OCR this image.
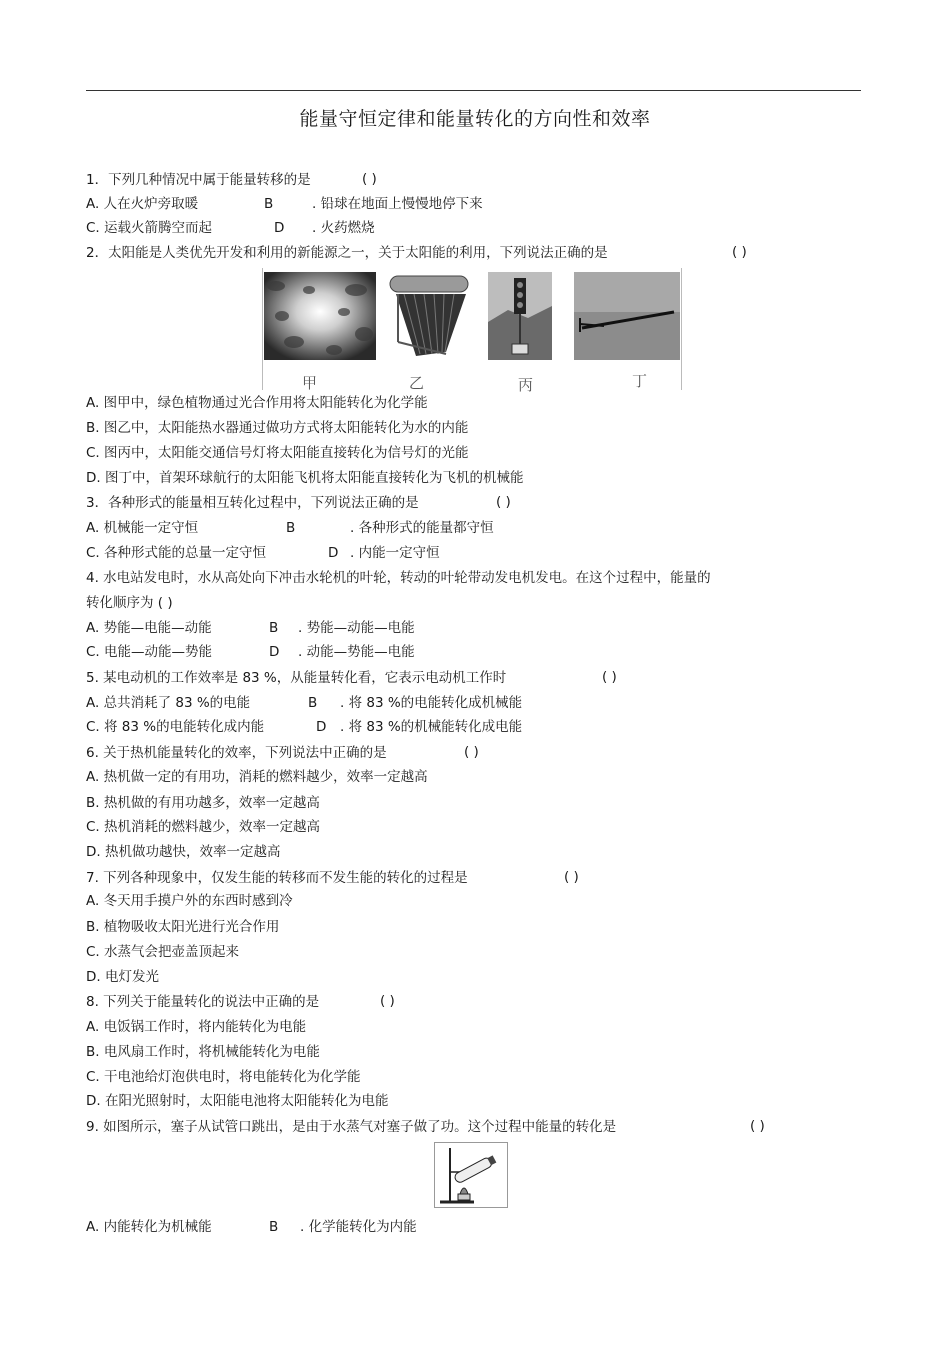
能量守恒定律和能量转化的方向性和效率
1．下列几种情况中属于能量转移的是	( )
A. 人在火炉旁取暖	B	. 铅球在地面上慢慢地停下来
C. 运载火箭腾空而起	D . 火药燃烧
2．太阳能是人类优先开发和利用的新能源之一，关于太阳能的利用，下列说法正确的是	( )
甲	乙	丙	丁
A. 图甲中，绿色植物通过光合作用将太阳能转化为化学能
B. 图乙中，太阳能热水器通过做功方式将太阳能转化为水的内能
C. 图丙中，太阳能交通信号灯将太阳能直接转化为信号灯的光能
D. 图丁中，首架环球航行的太阳能飞机将太阳能直接转化为飞机的机械能
3．各种形式的能量相互转化过程中，下列说法正确的是	( )
A. 机械能一定守恒	B	. 各种形式的能量都守恒
C. 各种形式能的总量一定守恒	D . 内能一定守恒
4. 水电站发电时，水从高处向下冲击水轮机的叶轮，转动的叶轮带动发电机发电。在这个过程中，能量的
转化顺序为 ( )
A. 势能—电能—动能	B . 势能—动能—电能
C. 电能—动能—势能	D . 动能—势能—电能
5. 某电动机的工作效率是 83 %，从能量转化看，它表示电动机工作时	( )
A. 总共消耗了 83 %的电能	B . 将 83 %的电能转化成机械能
C. 将 83 %的电能转化成内能	D . 将 83 %的机械能转化成电能
6. 关于热机能量转化的效率，下列说法中正确的是	( )
A. 热机做一定的有用功，消耗的燃料越少，效率一定越高
B. 热机做的有用功越多，效率一定越高
C. 热机消耗的燃料越少，效率一定越高
D. 热机做功越快，效率一定越高
7. 下列各种现象中，仅发生能的转移而不发生能的转化的过程是	( )
A. 冬天用手摸户外的东西时感到冷
B. 植物吸收太阳光进行光合作用
C. 水蒸气会把壶盖顶起来
D. 电灯发光
8. 下列关于能量转化的说法中正确的是	( )
A. 电饭锅工作时，将内能转化为电能
B. 电风扇工作时，将机械能转化为电能
C. 干电池给灯泡供电时，将电能转化为化学能
D. 在阳光照射时，太阳能电池将太阳能转化为电能
9. 如图所示，塞子从试管口跳出，是由于水蒸气对塞子做了功。这个过程中能量的转化是	( )
A. 内能转化为机械能	B . 化学能转化为内能
